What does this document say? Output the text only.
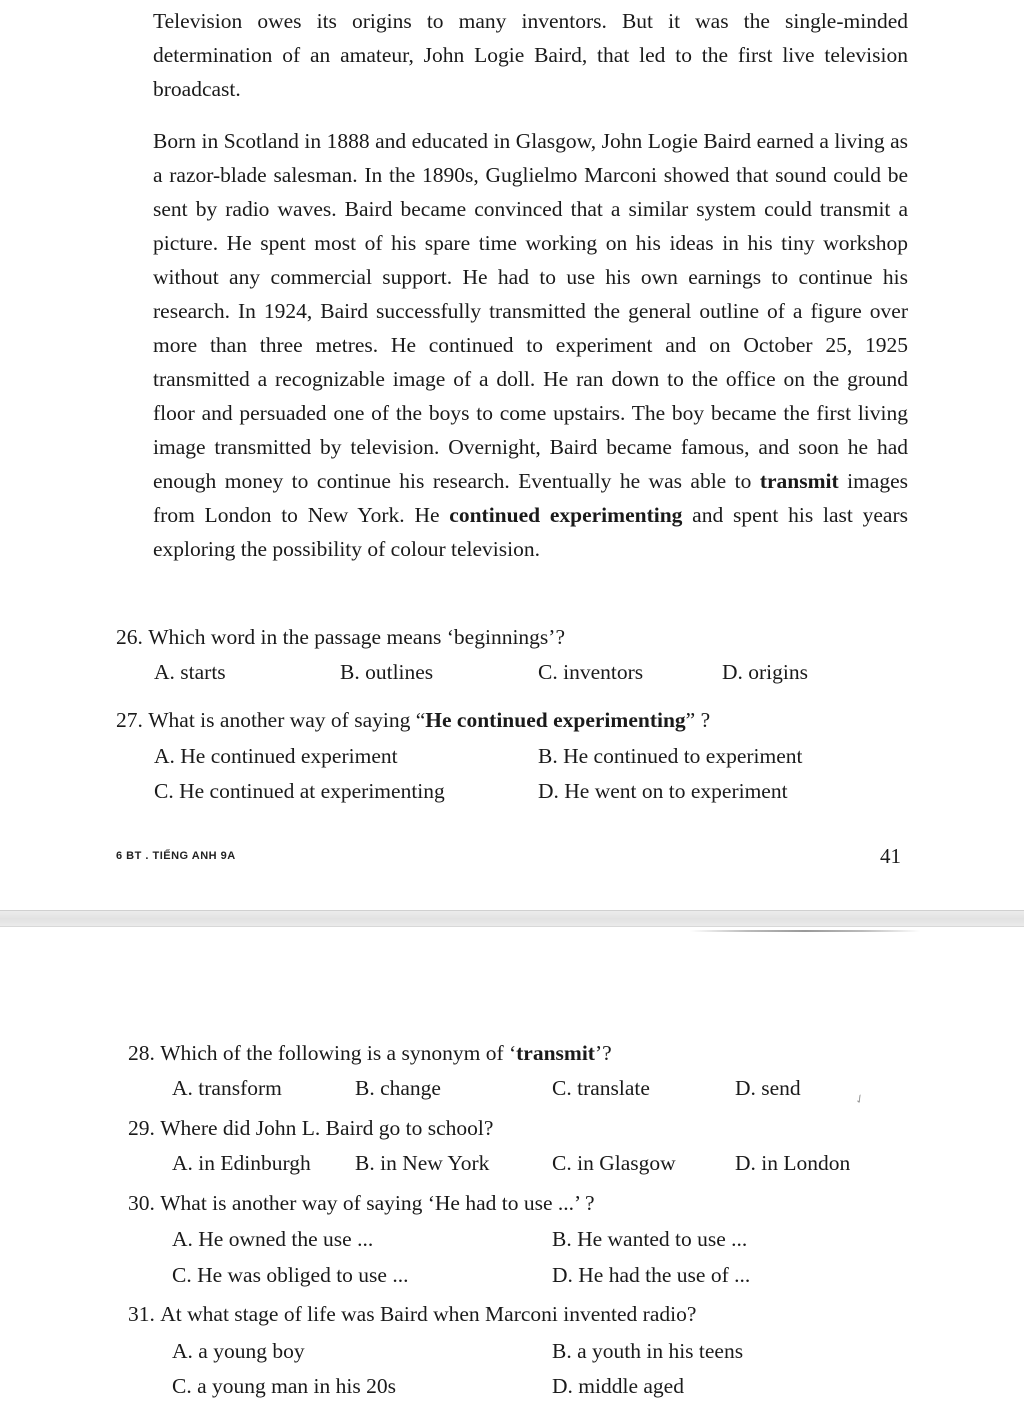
Television owes its origins to many inventors. But it was the single-minded determination of an amateur, John Logie Baird, that led to the first live television broadcast.

Born in Scotland in 1888 and educated in Glasgow, John Logie Baird earned a living as a razor-blade salesman. In the 1890s, Guglielmo Marconi showed that sound could be sent by radio waves. Baird became convinced that a similar system could transmit a picture. He spent most of his spare time working on his ideas in his tiny workshop without any commercial support. He had to use his own earnings to continue his research. In 1924, Baird successfully transmitted the general outline of a figure over more than three metres. He continued to experiment and on October 25, 1925 transmitted a recognizable image of a doll. He ran down to the office on the ground floor and persuaded one of the boys to come upstairs. The boy became the first living image transmitted by television. Overnight, Baird became famous, and soon he had enough money to continue his research. Eventually he was able to transmit images from London to New York. He continued experimenting and spent his last years exploring the possibility of colour television.

26. Which word in the passage means ‘beginnings’?
A. starts	B. outlines	C. inventors	D. origins
27. What is another way of saying “He continued experimenting” ?
A. He continued experiment	B. He continued to experiment
C. He continued at experimenting	D. He went on to experiment
6 BT . TIẾNG ANH 9A	41
28. Which of the following is a synonym of ‘transmit’?
A. transform	B. change	C. translate	D. send	✓
29. Where did John L. Baird go to school?
A. in Edinburgh B. in New York	C. in Glasgow	D. in London
30. What is another way of saying ‘He had to use ...’ ?
A. He owned the use ...	B. He wanted to use ...
C. He was obliged to use ...	D. He had the use of ...
31. At what stage of life was Baird when Marconi invented radio?
A. a young boy	B. a youth in his teens
C. a young man in his 20s	D. middle aged
